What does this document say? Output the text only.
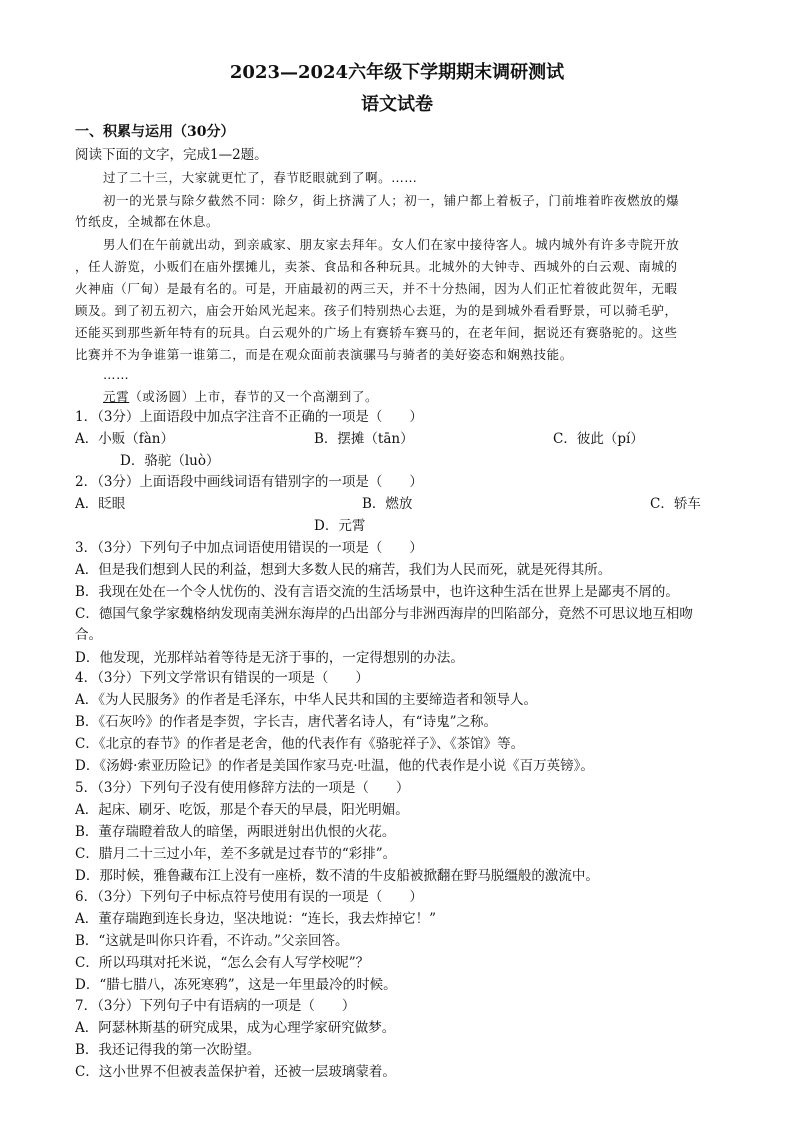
2023—2024六年级下学期期末调研测试
语文试卷
一、积累与运用（30分）
阅读下面的文字，完成1—2题。
过了二十三，大家就更忙了，春节眨眼就到了啊。……
初一的光景与除夕截然不同：除夕，街上挤满了人；初一，铺户都上着板子，门前堆着昨夜燃放的爆
竹纸皮，全城都在休息。
男人们在午前就出动，到亲戚家、朋友家去拜年。女人们在家中接待客人。城内城外有许多寺院开放
，任人游览，小贩们在庙外摆摊儿，卖茶、食品和各种玩具。北城外的大钟寺、西城外的白云观、南城的
火神庙（厂甸）是最有名的。可是，开庙最初的两三天，并不十分热闹，因为人们正忙着彼此贺年，无暇
顾及。到了初五初六，庙会开始风光起来。孩子们特别热心去逛，为的是到城外看看野景，可以骑毛驴，
还能买到那些新年特有的玩具。白云观外的广场上有赛轿车赛马的，在老年间，据说还有赛骆驼的。这些
比赛并不为争谁第一谁第二，而是在观众面前表演骡马与骑者的美好姿态和娴熟技能。
……
元霄（或汤圆）上市，春节的又一个高潮到了。
1．（3分）上面语段中加点字注音不正确的一项是（　　）
A．小贩（fàn）	B．摆摊（tān）	C．彼此（pí）
D．骆驼（luò）
2．（3分）上面语段中画线词语有错别字的一项是（　　）
A．眨眼	B．燃放	C．轿车
D．元霄
3．（3分）下列句子中加点词语使用错误的一项是（　　）
A．但是我们想到人民的利益，想到大多数人民的痛苦，我们为人民而死，就是死得其所。
B．我现在处在一个令人忧伤的、没有言语交流的生活场景中，也许这种生活在世界上是鄙夷不屑的。
C．德国气象学家魏格纳发现南美洲东海岸的凸出部分与非洲西海岸的凹陷部分，竟然不可思议地互相吻
合。
D．他发现，光那样站着等待是无济于事的，一定得想别的办法。
4．（3分）下列文学常识有错误的一项是（　　）
A．《为人民服务》的作者是毛泽东，中华人民共和国的主要缔造者和领导人。
B．《石灰吟》的作者是李贺，字长吉，唐代著名诗人，有“诗鬼”之称。
C．《北京的春节》的作者是老舍，他的代表作有《骆驼祥子》、《茶馆》等。
D．《汤姆·索亚历险记》的作者是美国作家马克·吐温，他的代表作是小说《百万英镑》。
5．（3分）下列句子没有使用修辞方法的一项是（　　）
A．起床、刷牙、吃饭，那是个春天的早晨，阳光明媚。
B．董存瑞瞪着敌人的暗堡，两眼迸射出仇恨的火花。
C．腊月二十三过小年，差不多就是过春节的“彩排”。
D．那时候，雅鲁藏布江上没有一座桥，数不清的牛皮船被掀翻在野马脱缰般的激流中。
6．（3分）下列句子中标点符号使用有误的一项是（　　）
A．董存瑞跑到连长身边，坚决地说：“连长，我去炸掉它！”
B．“这就是叫你只许看，不许动。”父亲回答。
C．所以玛琪对托米说，“怎么会有人写学校呢”？
D．“腊七腊八，冻死寒鸦”，这是一年里最冷的时候。
7．（3分）下列句子中有语病的一项是（　　）
A．阿瑟林斯基的研究成果，成为心理学家研究做梦。
B．我还记得我的第一次盼望。
C．这小世界不但被表盖保护着，还被一层玻璃蒙着。
